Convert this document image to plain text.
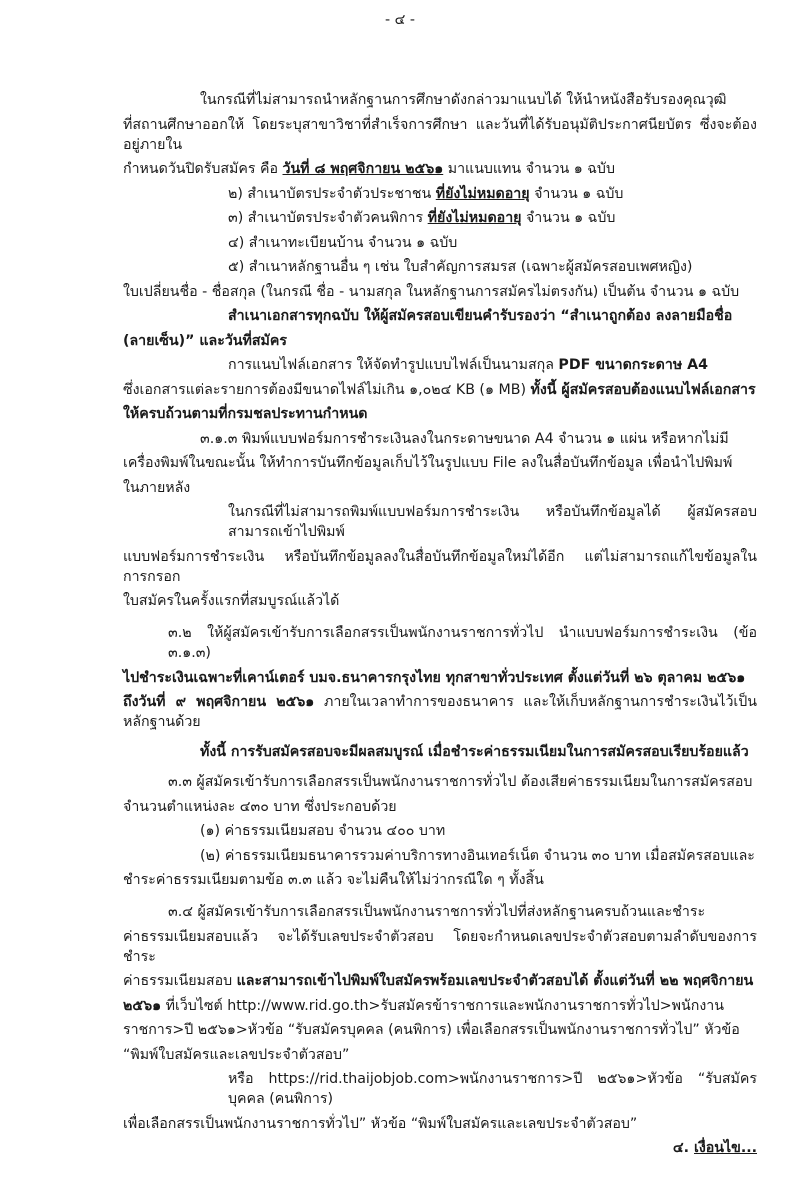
- ๔ -
ในกรณีที่ไม่สามารถนำหลักฐานการศึกษาดังกล่าวมาแนบได้ ให้นำหนังสือรับรองคุณวุฒิ
ที่สถานศึกษาออกให้ โดยระบุสาขาวิชาที่สำเร็จการศึกษา และวันที่ได้รับอนุมัติประกาศนียบัตร ซึ่งจะต้องอยู่ภายใน
กำหนดวันปิดรับสมัคร คือ วันที่ ๘ พฤศจิกายน ๒๕๖๑ มาแนบแทน จำนวน ๑ ฉบับ
๒) สำเนาบัตรประจำตัวประชาชน ที่ยังไม่หมดอายุ จำนวน ๑ ฉบับ
๓) สำเนาบัตรประจำตัวคนพิการ ที่ยังไม่หมดอายุ จำนวน ๑ ฉบับ
๔) สำเนาทะเบียนบ้าน จำนวน ๑ ฉบับ
๕) สำเนาหลักฐานอื่น ๆ เช่น ใบสำคัญการสมรส (เฉพาะผู้สมัครสอบเพศหญิง)
ใบเปลี่ยนชื่อ - ชื่อสกุล (ในกรณี ชื่อ - นามสกุล ในหลักฐานการสมัครไม่ตรงกัน) เป็นต้น จำนวน ๑ ฉบับ
สำเนาเอกสารทุกฉบับ ให้ผู้สมัครสอบเขียนคำรับรองว่า “สำเนาถูกต้อง ลงลายมือชื่อ
(ลายเซ็น)” และวันที่สมัคร
การแนบไฟล์เอกสาร ให้จัดทำรูปแบบไฟล์เป็นนามสกุล PDF ขนาดกระดาษ A4
ซึ่งเอกสารแต่ละรายการต้องมีขนาดไฟล์ไม่เกิน ๑,๐๒๔ KB (๑ MB) ทั้งนี้ ผู้สมัครสอบต้องแนบไฟล์เอกสาร
ให้ครบถ้วนตามที่กรมชลประทานกำหนด
๓.๑.๓ พิมพ์แบบฟอร์มการชำระเงินลงในกระดาษขนาด A4 จำนวน ๑ แผ่น หรือหากไม่มี
เครื่องพิมพ์ในขณะนั้น ให้ทำการบันทึกข้อมูลเก็บไว้ในรูปแบบ File ลงในสื่อบันทึกข้อมูล เพื่อนำไปพิมพ์
ในภายหลัง
ในกรณีที่ไม่สามารถพิมพ์แบบฟอร์มการชำระเงิน หรือบันทึกข้อมูลได้ ผู้สมัครสอบสามารถเข้าไปพิมพ์
แบบฟอร์มการชำระเงิน หรือบันทึกข้อมูลลงในสื่อบันทึกข้อมูลใหม่ได้อีก แต่ไม่สามารถแก้ไขข้อมูลในการกรอก
ใบสมัครในครั้งแรกที่สมบูรณ์แล้วได้
๓.๒ ให้ผู้สมัครเข้ารับการเลือกสรรเป็นพนักงานราชการทั่วไป นำแบบฟอร์มการชำระเงิน (ข้อ ๓.๑.๓)
ไปชำระเงินเฉพาะที่เคาน์เตอร์ บมจ.ธนาคารกรุงไทย ทุกสาขาทั่วประเทศ ตั้งแต่วันที่ ๒๖ ตุลาคม ๒๕๖๑
ถึงวันที่ ๙ พฤศจิกายน ๒๕๖๑ ภายในเวลาทำการของธนาคาร และให้เก็บหลักฐานการชำระเงินไว้เป็นหลักฐานด้วย
ทั้งนี้ การรับสมัครสอบจะมีผลสมบูรณ์ เมื่อชำระค่าธรรมเนียมในการสมัครสอบเรียบร้อยแล้ว
๓.๓ ผู้สมัครเข้ารับการเลือกสรรเป็นพนักงานราชการทั่วไป ต้องเสียค่าธรรมเนียมในการสมัครสอบ
จำนวนตำแหน่งละ ๔๓๐ บาท ซึ่งประกอบด้วย
(๑) ค่าธรรมเนียมสอบ จำนวน ๔๐๐ บาท
(๒) ค่าธรรมเนียมธนาคารรวมค่าบริการทางอินเทอร์เน็ต จำนวน ๓๐ บาท เมื่อสมัครสอบและ
ชำระค่าธรรมเนียมตามข้อ ๓.๓ แล้ว จะไม่คืนให้ไม่ว่ากรณีใด ๆ ทั้งสิ้น
๓.๔ ผู้สมัครเข้ารับการเลือกสรรเป็นพนักงานราชการทั่วไปที่ส่งหลักฐานครบถ้วนและชำระ
ค่าธรรมเนียมสอบแล้ว จะได้รับเลขประจำตัวสอบ โดยจะกำหนดเลขประจำตัวสอบตามลำดับของการชำระ
ค่าธรรมเนียมสอบ และสามารถเข้าไปพิมพ์ใบสมัครพร้อมเลขประจำตัวสอบได้ ตั้งแต่วันที่ ๒๒ พฤศจิกายน
๒๕๖๑ ที่เว็บไซต์ http://www.rid.go.th>รับสมัครข้าราชการและพนักงานราชการทั่วไป>พนักงาน
ราชการ>ปี ๒๕๖๑>หัวข้อ “รับสมัครบุคคล (คนพิการ) เพื่อเลือกสรรเป็นพนักงานราชการทั่วไป” หัวข้อ
“พิมพ์ใบสมัครและเลขประจำตัวสอบ”
หรือ https://rid.thaijobjob.com>พนักงานราชการ>ปี ๒๕๖๑>หัวข้อ “รับสมัครบุคคล (คนพิการ)
เพื่อเลือกสรรเป็นพนักงานราชการทั่วไป” หัวข้อ “พิมพ์ใบสมัครและเลขประจำตัวสอบ”
๔. เงื่อนไข...
